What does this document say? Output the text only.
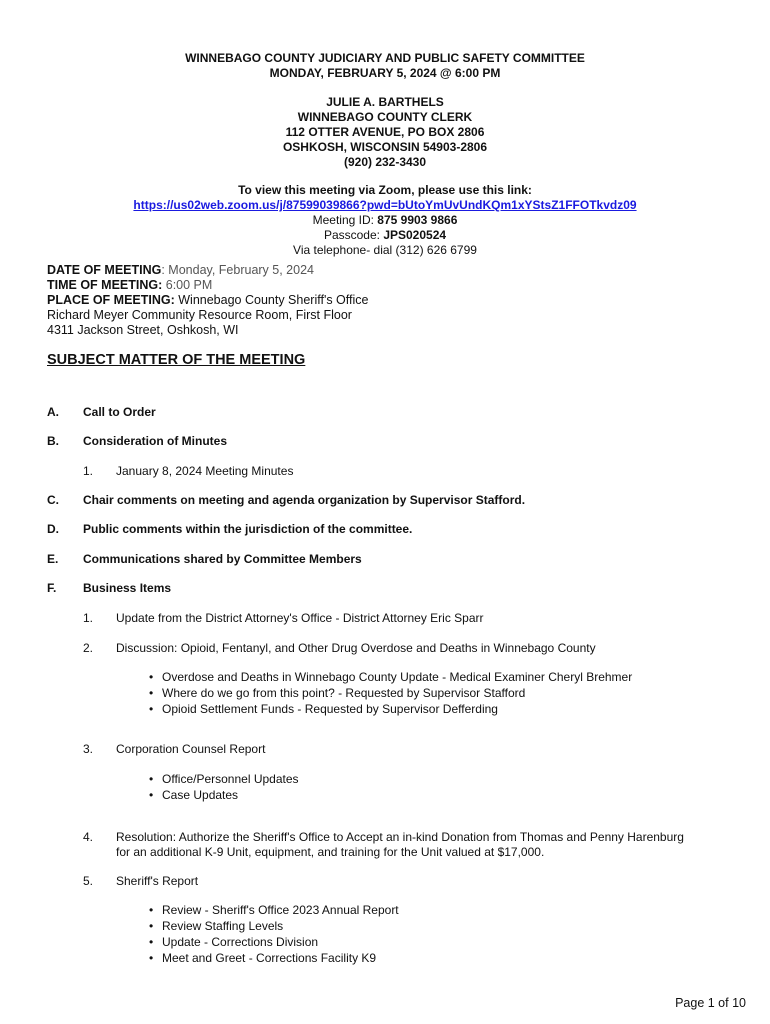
WINNEBAGO COUNTY JUDICIARY AND PUBLIC SAFETY COMMITTEE
MONDAY, FEBRUARY 5, 2024 @ 6:00 PM
JULIE A. BARTHELS
WINNEBAGO COUNTY CLERK
112 OTTER AVENUE, PO BOX 2806
OSHKOSH, WISCONSIN 54903-2806
(920) 232-3430
To view this meeting via Zoom, please use this link:
https://us02web.zoom.us/j/87599039866?pwd=bUtoYmUvUndKQm1xYStsZ1FFOTkvdz09
Meeting ID: 875 9903 9866
Passcode: JPS020524
Via telephone- dial (312) 626 6799
DATE OF MEETING: Monday, February 5, 2024
TIME OF MEETING: 6:00 PM
PLACE OF MEETING: Winnebago County Sheriff's Office
Richard Meyer Community Resource Room, First Floor
4311 Jackson Street, Oshkosh, WI
SUBJECT MATTER OF THE MEETING
A.	Call to Order
B.	Consideration of Minutes
1.	January 8, 2024 Meeting Minutes
C.	Chair comments on meeting and agenda organization by Supervisor Stafford.
D.	Public comments within the jurisdiction of the committee.
E.	Communications shared by Committee Members
F.	Business Items
1.	Update from the District Attorney's Office - District Attorney Eric Sparr
2.	Discussion: Opioid, Fentanyl, and Other Drug Overdose and Deaths in Winnebago County
• Overdose and Deaths in Winnebago County Update - Medical Examiner Cheryl Brehmer
• Where do we go from this point? - Requested by Supervisor Stafford
• Opioid Settlement Funds - Requested by Supervisor Defferding
3.	Corporation Counsel Report
• Office/Personnel Updates
• Case Updates
4.	Resolution: Authorize the Sheriff's Office to Accept an in-kind Donation from Thomas and Penny Harenburg
for an additional K-9 Unit, equipment, and training for the Unit valued at $17,000.
5.	Sheriff's Report
• Review - Sheriff's Office 2023 Annual Report
• Review Staffing Levels
• Update - Corrections Division
• Meet and Greet - Corrections Facility K9
Page 1 of 10
